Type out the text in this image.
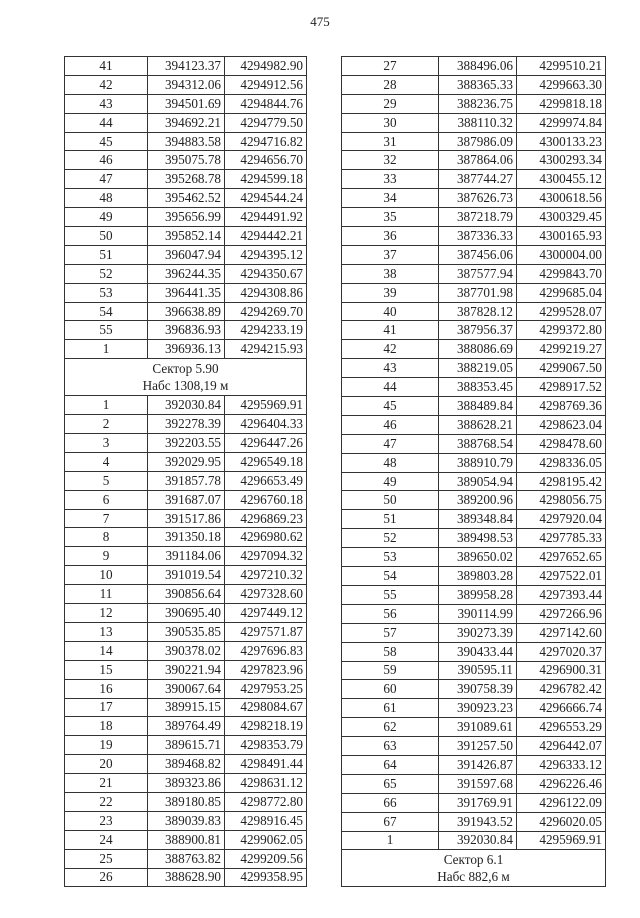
475
41	394123.37	4294982.90
42	394312.06	4294912.56
43	394501.69	4294844.76
44	394692.21	4294779.50
45	394883.58	4294716.82
46	395075.78	4294656.70
47	395268.78	4294599.18
48	395462.52	4294544.24
49	395656.99	4294491.92
50	395852.14	4294442.21
51	396047.94	4294395.12
52	396244.35	4294350.67
53	396441.35	4294308.86
54	396638.89	4294269.70
55	396836.93	4294233.19
1	396936.13	4294215.93

Сектор 5.90
Набс 1308,19 м		

1	392030.84	4295969.91
2	392278.39	4296404.33
3	392203.55	4296447.26
4	392029.95	4296549.18
5	391857.78	4296653.49
6	391687.07	4296760.18
7	391517.86	4296869.23
8	391350.18	4296980.62
9	391184.06	4297094.32
10	391019.54	4297210.32
11	390856.64	4297328.60
12	390695.40	4297449.12
13	390535.85	4297571.87
14	390378.02	4297696.83
15	390221.94	4297823.96
16	390067.64	4297953.25
17	389915.15	4298084.67
18	389764.49	4298218.19
19	389615.71	4298353.79
20	389468.82	4298491.44
21	389323.86	4298631.12
22	389180.85	4298772.80
23	389039.83	4298916.45
24	388900.81	4299062.05
25	388763.82	4299209.56
26	388628.90	4299358.95
27	388496.06	4299510.21
28	388365.33	4299663.30
29	388236.75	4299818.18
30	388110.32	4299974.84
31	387986.09	4300133.23
32	387864.06	4300293.34
33	387744.27	4300455.12
34	387626.73	4300618.56
35	387218.79	4300329.45
36	387336.33	4300165.93
37	387456.06	4300004.00
38	387577.94	4299843.70
39	387701.98	4299685.04
40	387828.12	4299528.07
41	387956.37	4299372.80
42	388086.69	4299219.27
43	388219.05	4299067.50
44	388353.45	4298917.52
45	388489.84	4298769.36
46	388628.21	4298623.04
47	388768.54	4298478.60
48	388910.79	4298336.05
49	389054.94	4298195.42
50	389200.96	4298056.75
51	389348.84	4297920.04
52	389498.53	4297785.33
53	389650.02	4297652.65
54	389803.28	4297522.01
55	389958.28	4297393.44
56	390114.99	4297266.96
57	390273.39	4297142.60
58	390433.44	4297020.37
59	390595.11	4296900.31
60	390758.39	4296782.42
61	390923.23	4296666.74
62	391089.61	4296553.29
63	391257.50	4296442.07
64	391426.87	4296333.12
65	391597.68	4296226.46
66	391769.91	4296122.09
67	391943.52	4296020.05
1	392030.84	4295969.91

Сектор 6.1
Набс 882,6 м		
